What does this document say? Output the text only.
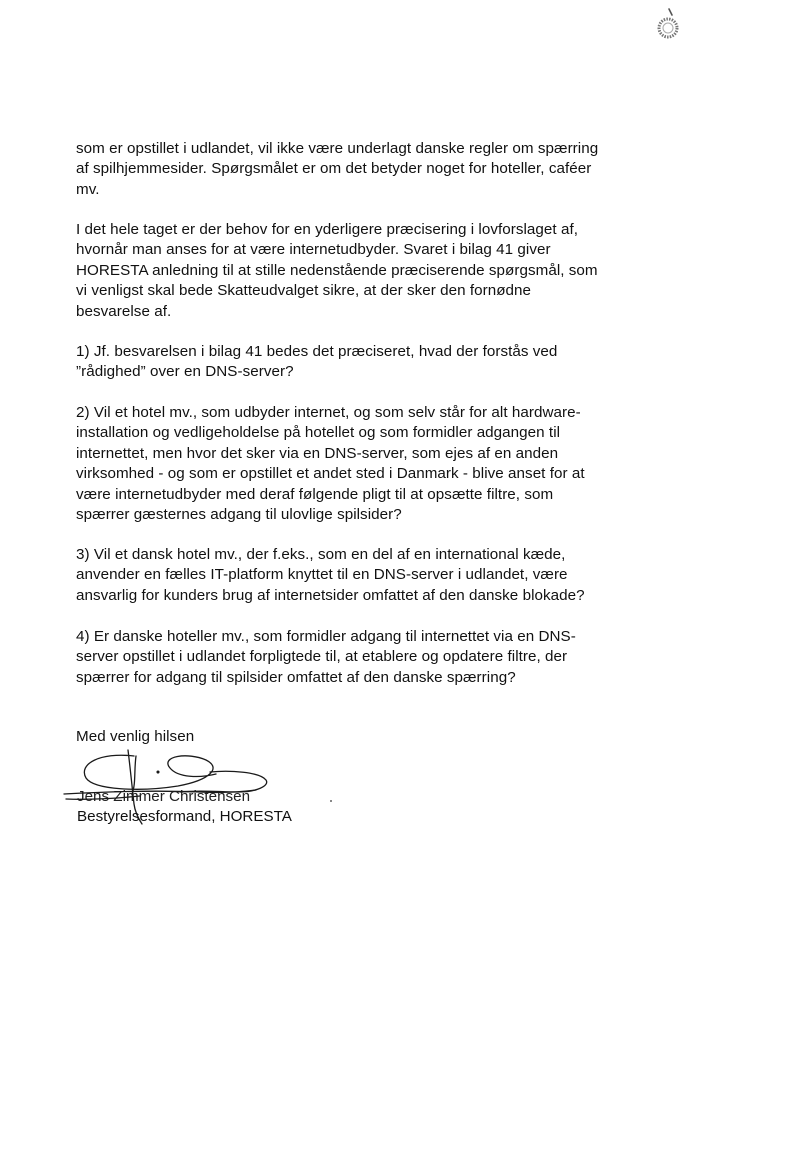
som er opstillet i udlandet, vil ikke være underlagt danske regler om spærring
af spilhjemmesider. Spørgsmålet er om det betyder noget for hoteller, caféer
mv.
I det hele taget er der behov for en yderligere præcisering i lovforslaget af,
hvornår man anses for at være internetudbyder. Svaret i bilag 41 giver
HORESTA anledning til at stille nedenstående præciserende spørgsmål, som
vi venligst skal bede Skatteudvalget sikre, at der sker den fornødne
besvarelse af.
1) Jf. besvarelsen i bilag 41 bedes det præciseret, hvad der forstås ved
”rådighed” over en DNS-server?
2) Vil et hotel mv., som udbyder internet, og som selv står for alt hardware-
installation og vedligeholdelse på hotellet og som formidler adgangen til
internettet, men hvor det sker via en DNS-server, som ejes af en anden
virksomhed - og som er opstillet et andet sted i Danmark - blive anset for at
være internetudbyder med deraf følgende pligt til at opsætte filtre, som
spærrer gæsternes adgang til ulovlige spilsider?
3) Vil et dansk hotel mv., der f.eks., som en del af en international kæde,
anvender en fælles IT-platform knyttet til en DNS-server i udlandet, være
ansvarlig for kunders brug af internetsider omfattet af den danske blokade?
4) Er danske hoteller mv., som formidler adgang til internettet via en DNS-
server opstillet i udlandet forpligtede til, at etablere og opdatere filtre, der
spærrer for adgang til spilsider omfattet af den danske spærring?
Med venlig hilsen
Jens Zimmer Christensen
Bestyrelsesformand, HORESTA
